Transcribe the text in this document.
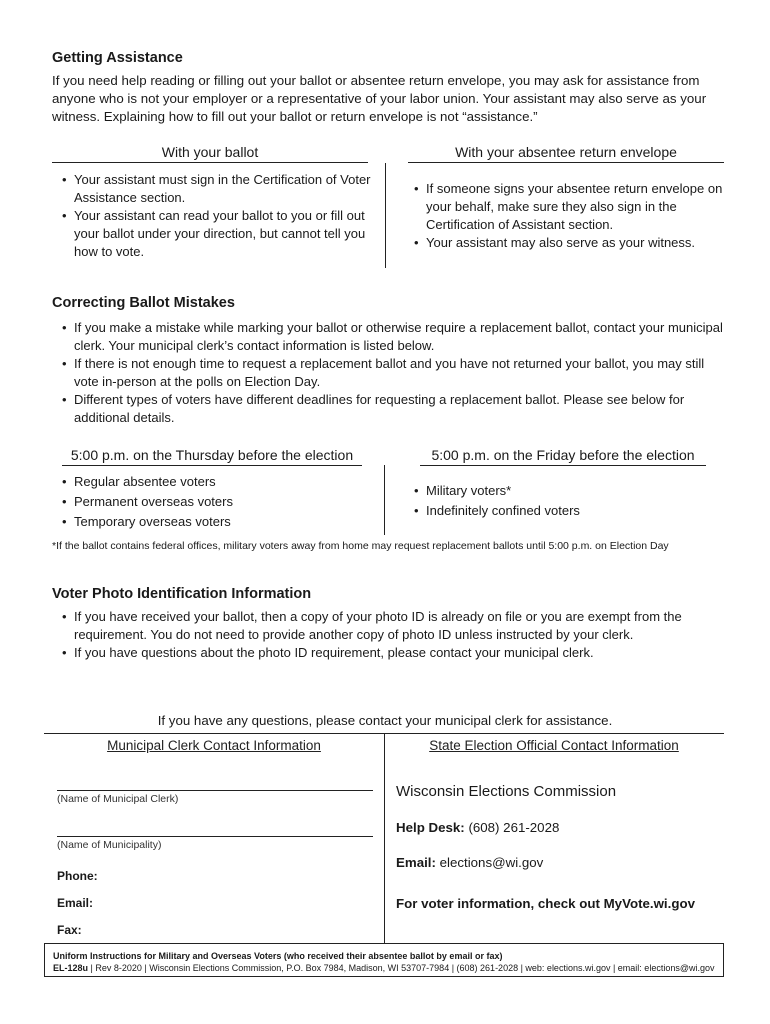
Getting Assistance
If you need help reading or filling out your ballot or absentee return envelope, you may ask for assistance from anyone who is not your employer or a representative of your labor union. Your assistant may also serve as your witness. Explaining how to fill out your ballot or return envelope is not “assistance.”
With your ballot	With your absentee return envelope
• Your assistant must sign in the Certification of Voter Assistance section.
• Your assistant can read your ballot to you or fill out your ballot under your direction, but cannot tell you how to vote.
• If someone signs your absentee return envelope on your behalf, make sure they also sign in the Certification of Assistant section.
• Your assistant may also serve as your witness.
Correcting Ballot Mistakes
• If you make a mistake while marking your ballot or otherwise require a replacement ballot, contact your municipal clerk. Your municipal clerk’s contact information is listed below.
• If there is not enough time to request a replacement ballot and you have not returned your ballot, you may still vote in-person at the polls on Election Day.
• Different types of voters have different deadlines for requesting a replacement ballot. Please see below for additional details.
5:00 p.m. on the Thursday before the election	5:00 p.m. on the Friday before the election
• Regular absentee voters
• Permanent overseas voters
• Temporary overseas voters
• Military voters*
• Indefinitely confined voters
*If the ballot contains federal offices, military voters away from home may request replacement ballots until 5:00 p.m. on Election Day
Voter Photo Identification Information
• If you have received your ballot, then a copy of your photo ID is already on file or you are exempt from the requirement. You do not need to provide another copy of photo ID unless instructed by your clerk.
• If you have questions about the photo ID requirement, please contact your municipal clerk.
If you have any questions, please contact your municipal clerk for assistance.
Municipal Clerk Contact Information	State Election Official Contact Information
(Name of Municipal Clerk)
(Name of Municipality)
Phone:
Email:
Fax:
Wisconsin Elections Commission
Help Desk: (608) 261-2028
Email: elections@wi.gov
For voter information, check out MyVote.wi.gov
Uniform Instructions for Military and Overseas Voters (who received their absentee ballot by email or fax)
EL-128u | Rev 8-2020 | Wisconsin Elections Commission, P.O. Box 7984, Madison, WI 53707-7984 | (608) 261-2028 | web: elections.wi.gov | email: elections@wi.gov
